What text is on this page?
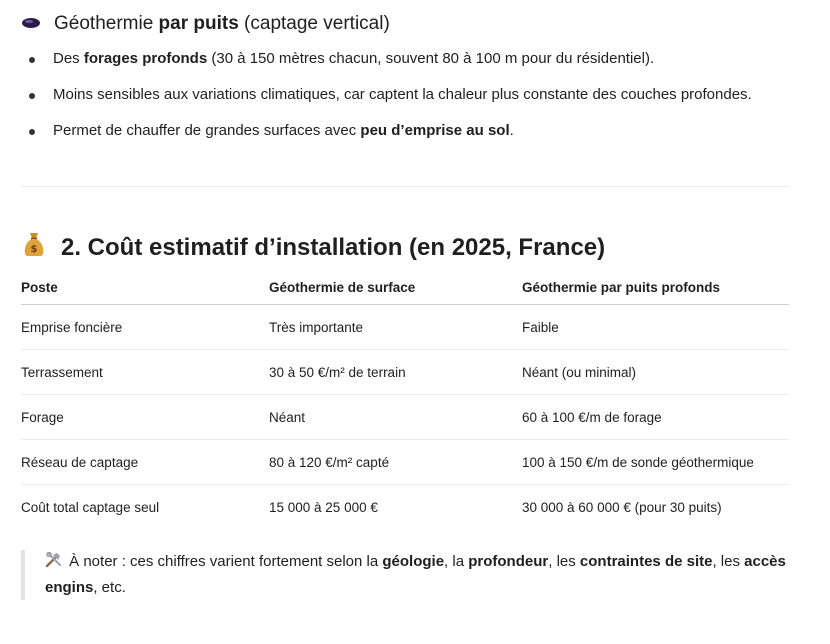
Géothermie par puits (captage vertical)
Des forages profonds (30 à 150 mètres chacun, souvent 80 à 100 m pour du résidentiel).
Moins sensibles aux variations climatiques, car captent la chaleur plus constante des couches profondes.
Permet de chauffer de grandes surfaces avec peu d’emprise au sol.
$ 2. Coût estimatif d’installation (en 2025, France)
Poste	Géothermie de surface	Géothermie par puits profonds
Emprise foncière	Très importante	Faible
Terrassement	30 à 50 €/m² de terrain	Néant (ou minimal)
Forage	Néant	60 à 100 €/m de forage
Réseau de captage	80 à 120 €/m² capté	100 à 150 €/m de sonde géothermique
Coût total captage seul	15 000 à 25 000 €	30 000 à 60 000 € (pour 30 puits)
À noter : ces chiffres varient fortement selon la géologie, la profondeur, les contraintes de site, les accès engins, etc.
